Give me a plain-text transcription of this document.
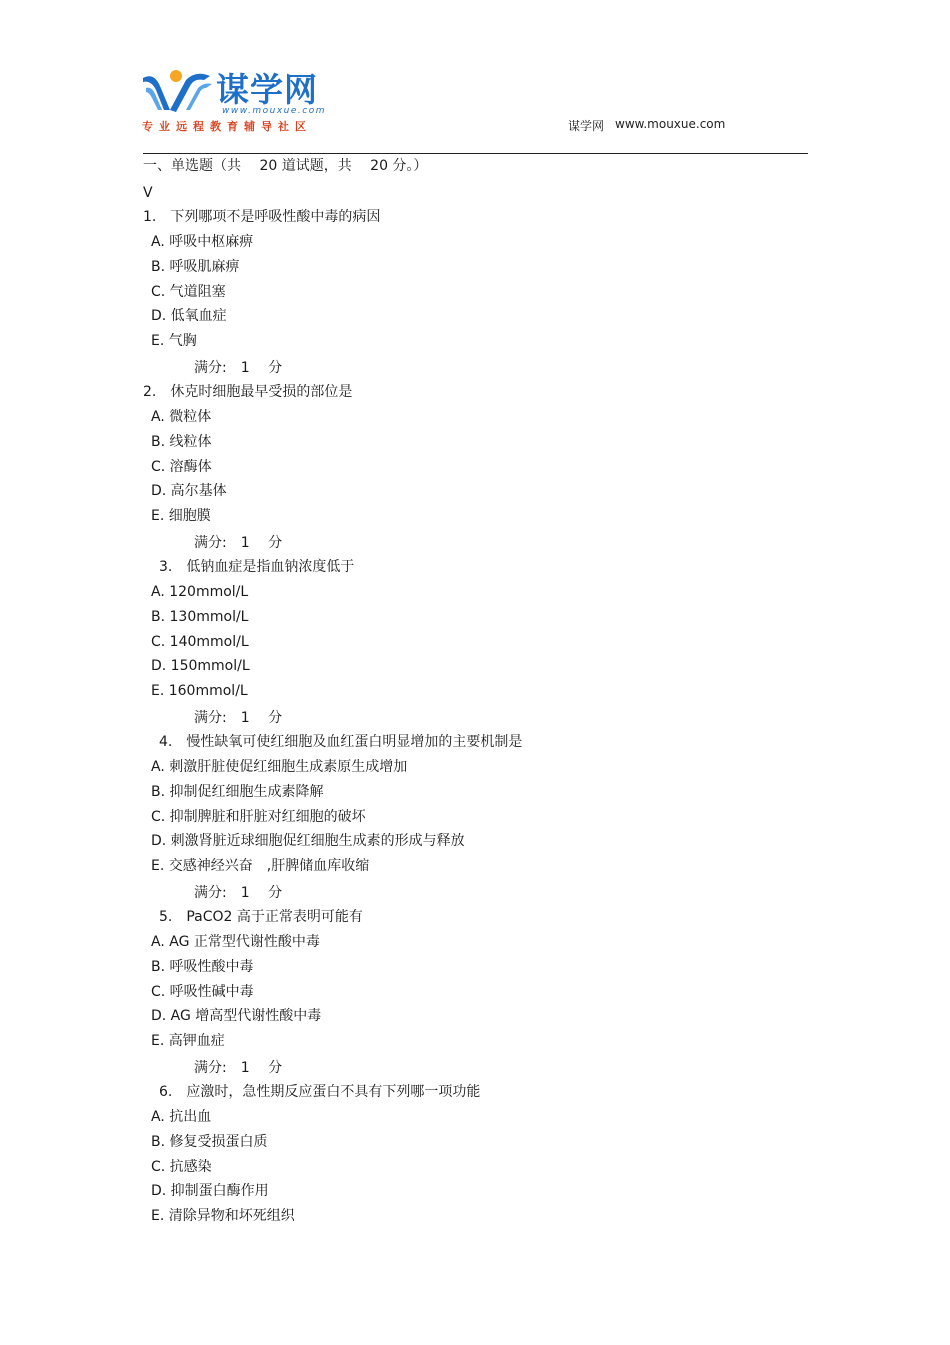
谋学网
www.mouxue.com
专业远程教育辅导社区	谋学网 www.mouxue.com
一、单选题（共　 20 道试题，共　 20 分。）
V
1.　下列哪项不是呼吸性酸中毒的病因
A. 呼吸中枢麻痹
B. 呼吸肌麻痹
C. 气道阻塞
D. 低氧血症
E. 气胸
满分:　1　 分
2.　休克时细胞最早受损的部位是
A. 微粒体
B. 线粒体
C. 溶酶体
D. 高尔基体
E. 细胞膜
满分:　1　 分
3.　低钠血症是指血钠浓度低于
A. 120mmol/L
B. 130mmol/L
C. 140mmol/L
D. 150mmol/L
E. 160mmol/L
满分:　1　 分
4.　慢性缺氧可使红细胞及血红蛋白明显增加的主要机制是
A. 刺激肝脏使促红细胞生成素原生成增加
B. 抑制促红细胞生成素降解
C. 抑制脾脏和肝脏对红细胞的破坏
D. 刺激肾脏近球细胞促红细胞生成素的形成与释放
E. 交感神经兴奋　,肝脾储血库收缩
满分:　1　 分
5.　PaCO2 高于正常表明可能有
A. AG 正常型代谢性酸中毒
B. 呼吸性酸中毒
C. 呼吸性碱中毒
D. AG 增高型代谢性酸中毒
E. 高钾血症
满分:　1　 分
6.　应激时，急性期反应蛋白不具有下列哪一项功能
A. 抗出血
B. 修复受损蛋白质
C. 抗感染
D. 抑制蛋白酶作用
E. 清除异物和坏死组织
